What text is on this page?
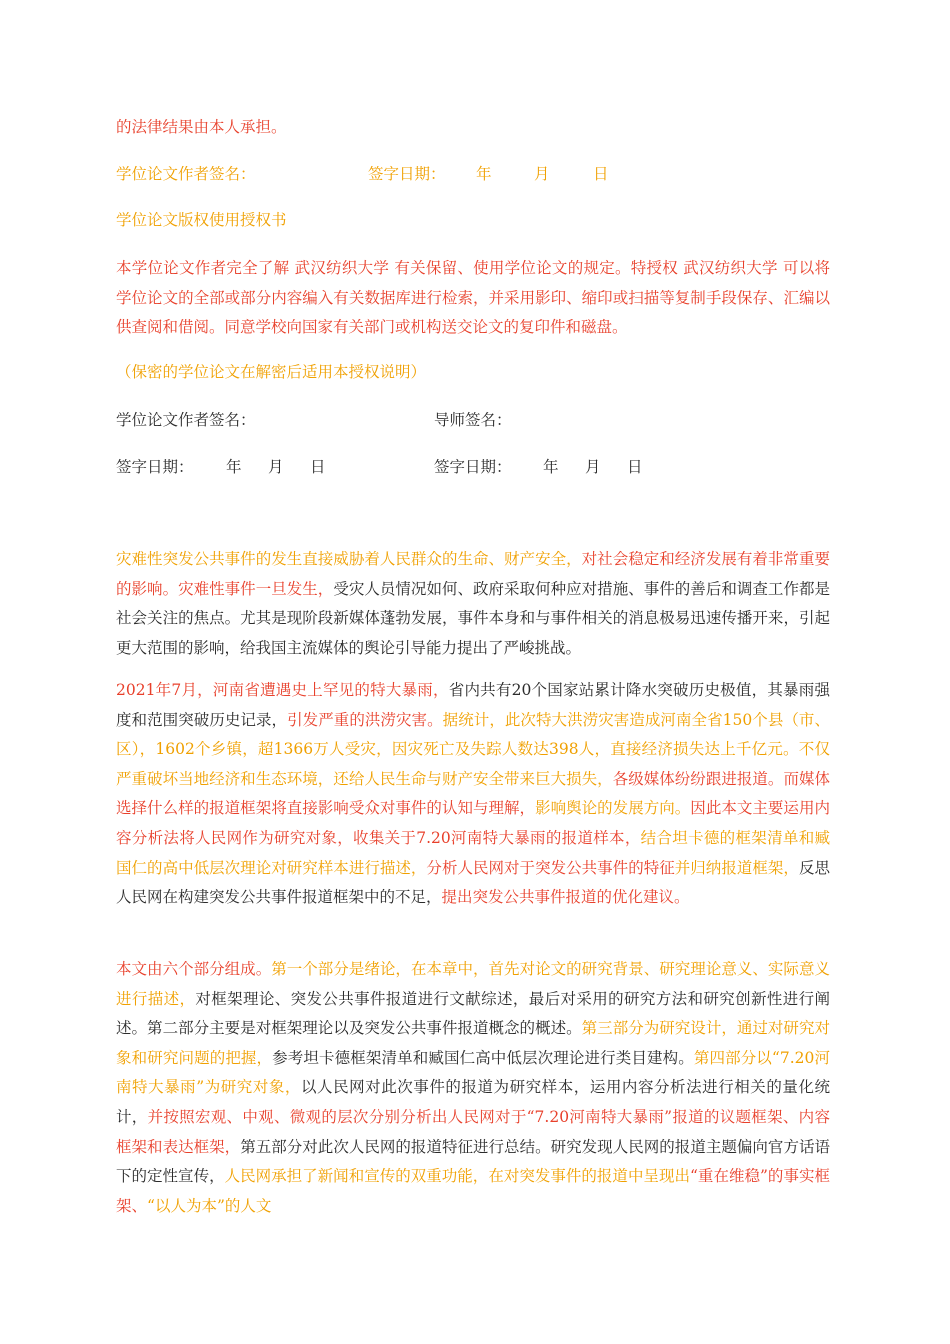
的法律结果由本人承担。
学位论文作者签名：	签字日期： 年	月	日
学位论文版权使用授权书
本学位论文作者完全了解 武汉纺织大学 有关保留、使用学位论文的规定。特授权 武汉纺织大学 可以将学位论文的全部或部分内容编入有关数据库进行检索，并采用影印、缩印或扫描等复制手段保存、汇编以供查阅和借阅。同意学校向国家有关部门或机构送交论文的复印件和磁盘。
（保密的学位论文在解密后适用本授权说明）
学位论文作者签名：	导师签名：
签字日期： 年 月 日	签字日期： 年 月 日
灾难性突发公共事件的发生直接威胁着人民群众的生命、财产安全，对社会稳定和经济发展有着非常重要的影响。灾难性事件一旦发生，受灾人员情况如何、政府采取何种应对措施、事件的善后和调查工作都是社会关注的焦点。尤其是现阶段新媒体蓬勃发展，事件本身和与事件相关的消息极易迅速传播开来，引起更大范围的影响，给我国主流媒体的舆论引导能力提出了严峻挑战。
2021年7月，河南省遭遇史上罕见的特大暴雨，省内共有20个国家站累计降水突破历史极值，其暴雨强度和范围突破历史记录，引发严重的洪涝灾害。据统计，此次特大洪涝灾害造成河南全省150个县（市、区），1602个乡镇，超1366万人受灾，因灾死亡及失踪人数达398人，直接经济损失达上千亿元。不仅严重破坏当地经济和生态环境，还给人民生命与财产安全带来巨大损失，各级媒体纷纷跟进报道。而媒体选择什么样的报道框架将直接影响受众对事件的认知与理解，影响舆论的发展方向。因此本文主要运用内容分析法将人民网作为研究对象，收集关于7.20河南特大暴雨的报道样本，结合坦卡德的框架清单和臧国仁的高中低层次理论对研究样本进行描述，分析人民网对于突发公共事件的特征并归纳报道框架，反思人民网在构建突发公共事件报道框架中的不足，提出突发公共事件报道的优化建议。
本文由六个部分组成。第一个部分是绪论，在本章中，首先对论文的研究背景、研究理论意义、实际意义进行描述，对框架理论、突发公共事件报道进行文献综述，最后对采用的研究方法和研究创新性进行阐述。第二部分主要是对框架理论以及突发公共事件报道概念的概述。第三部分为研究设计，通过对研究对象和研究问题的把握，参考坦卡德框架清单和臧国仁高中低层次理论进行类目建构。第四部分以“7.20河南特大暴雨”为研究对象，以人民网对此次事件的报道为研究样本，运用内容分析法进行相关的量化统计，并按照宏观、中观、微观的层次分别分析出人民网对于“7.20河南特大暴雨”报道的议题框架、内容框架和表达框架，第五部分对此次人民网的报道特征进行总结。研究发现人民网的报道主题偏向官方话语下的定性宣传，人民网承担了新闻和宣传的双重功能，在对突发事件的报道中呈现出“重在维稳”的事实框架、“以人为本”的人文
